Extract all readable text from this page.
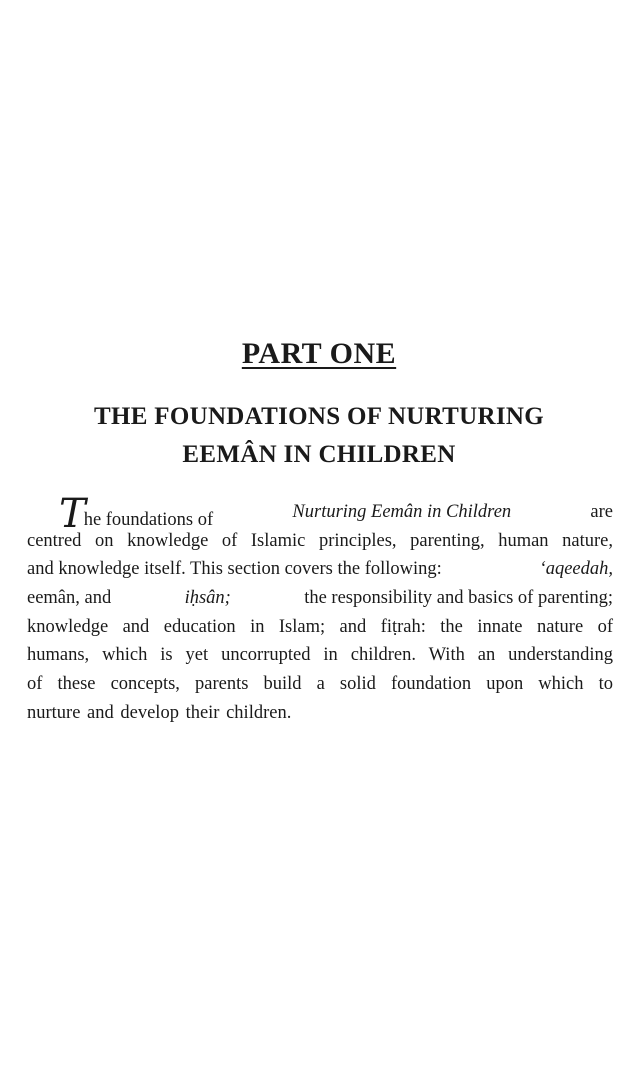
PART ONE
THE FOUNDATIONS OF NURTURING
EEMÂN IN CHILDREN
The foundations of	Nurturing Eemân in Children	are
centred on knowledge of Islamic principles, parenting, human nature,
and knowledge itself. This section covers the following:	‘aqeedah,
eemân, and	iḥsân;	the responsibility and basics of parenting;
knowledge and education in Islam; and fiṭrah: the innate nature of
humans, which is yet uncorrupted in children. With an understanding
of these concepts, parents build a solid foundation upon which to
nurture and develop their children.
